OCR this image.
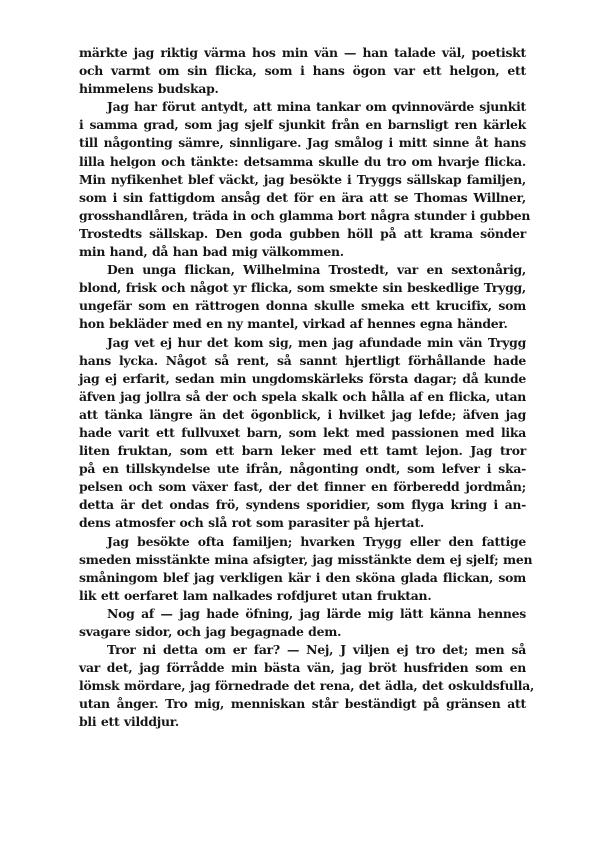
märkte jag riktig värma hos min vän — han talade väl, poetiskt
och varmt om sin flicka, som i hans ögon var ett helgon, ett
himmelens budskap.
Jag har förut antydt, att mina tankar om qvinnovärde sjunkit
i samma grad, som jag sjelf sjunkit från en barnsligt ren kärlek
till någonting sämre, sinnligare. Jag smålog i mitt sinne åt hans
lilla helgon och tänkte: detsamma skulle du tro om hvarje flicka.
Min nyfikenhet blef väckt, jag besökte i Tryggs sällskap familjen,
som i sin fattigdom ansåg det för en ära att se Thomas Willner,
grosshandlåren, träda in och glamma bort några stunder i gubben
Trostedts sällskap. Den goda gubben höll på att krama sönder
min hand, då han bad mig välkommen.
Den unga flickan, Wilhelmina Trostedt, var en sextonårig,
blond, frisk och något yr flicka, som smekte sin beskedlige Trygg,
ungefär som en rättrogen donna skulle smeka ett krucifix, som
hon bekläder med en ny mantel, virkad af hennes egna händer.
Jag vet ej hur det kom sig, men jag afundade min vän Trygg
hans lycka. Något så rent, så sannt hjertligt förhållande hade
jag ej erfarit, sedan min ungdomskärleks första dagar; då kunde
äfven jag jollra så der och spela skalk och hålla af en flicka, utan
att tänka längre än det ögonblick, i hvilket jag lefde; äfven jag
hade varit ett fullvuxet barn, som lekt med passionen med lika
liten fruktan, som ett barn leker med ett tamt lejon. Jag tror
på en tillskyndelse ute ifrån, någonting ondt, som lefver i ska-
pelsen och som växer fast, der det finner en förberedd jordmån;
detta är det ondas frö, syndens sporidier, som flyga kring i an-
dens atmosfer och slå rot som parasiter på hjertat.
Jag besökte ofta familjen; hvarken Trygg eller den fattige
smeden misstänkte mina afsigter, jag misstänkte dem ej sjelf; men
småningom blef jag verkligen kär i den sköna glada flickan, som
lik ett oerfaret lam nalkades rofdjuret utan fruktan.
Nog af — jag hade öfning, jag lärde mig lätt känna hennes
svagare sidor, och jag begagnade dem.
Tror ni detta om er far? — Nej, J viljen ej tro det; men så
var det, jag förrådde min bästa vän, jag bröt husfriden som en
lömsk mördare, jag förnedrade det rena, det ädla, det oskuldsfulla,
utan ånger. Tro mig, menniskan står beständigt på gränsen att
bli ett vilddjur.
